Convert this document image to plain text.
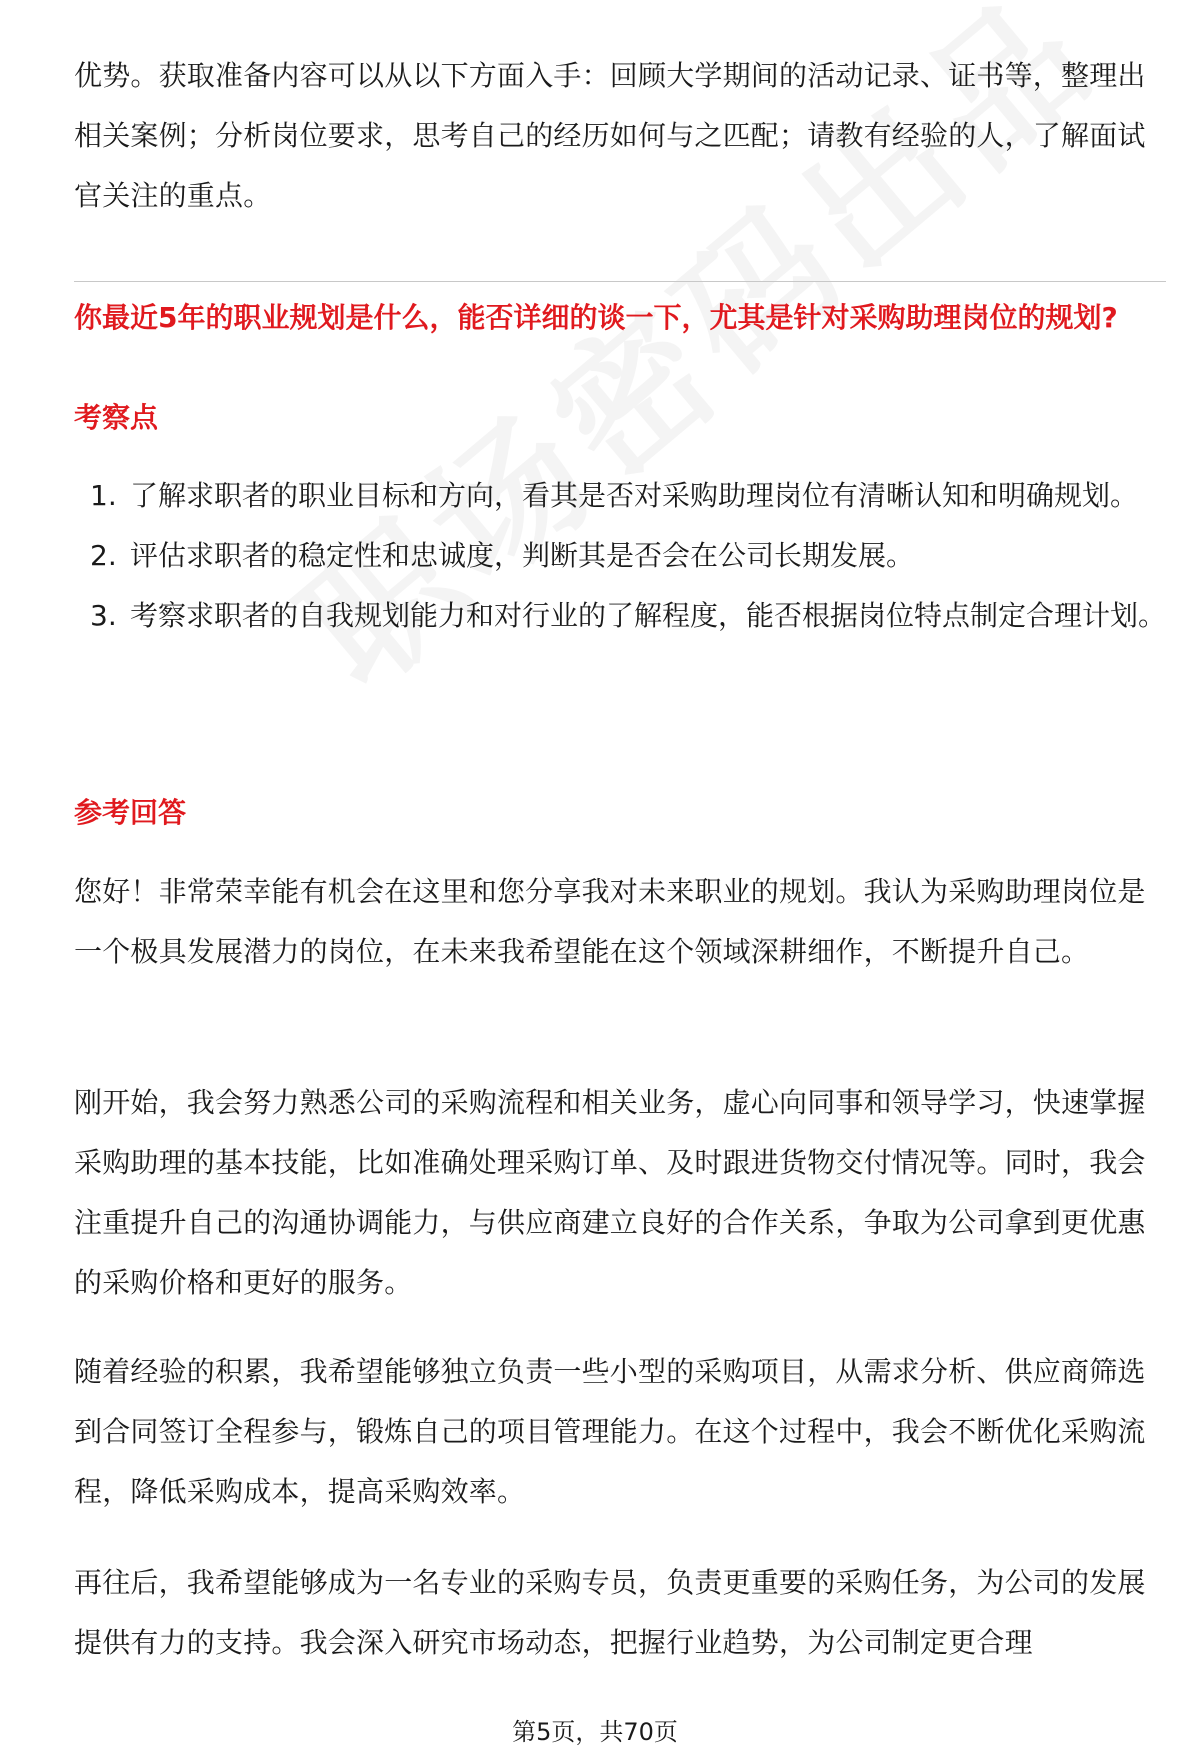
优势。获取准备内容可以从以下方面入手：回顾大学期间的活动记录、证书等，整理出相关案例；分析岗位要求，思考自己的经历如何与之匹配；请教有经验的人，了解面试官关注的重点。

你最近5年的职业规划是什么，能否详细的谈一下，尤其是针对采购助理岗位的规划?

考察点

1. 了解求职者的职业目标和方向，看其是否对采购助理岗位有清晰认知和明确规划。
2. 评估求职者的稳定性和忠诚度，判断其是否会在公司长期发展。
3. 考察求职者的自我规划能力和对行业的了解程度，能否根据岗位特点制定合理计划。

参考回答

您好！非常荣幸能有机会在这里和您分享我对未来职业的规划。我认为采购助理岗位是一个极具发展潜力的岗位，在未来我希望能在这个领域深耕细作，不断提升自己。

刚开始，我会努力熟悉公司的采购流程和相关业务，虚心向同事和领导学习，快速掌握采购助理的基本技能，比如准确处理采购订单、及时跟进货物交付情况等。同时，我会注重提升自己的沟通协调能力，与供应商建立良好的合作关系，争取为公司拿到更优惠的采购价格和更好的服务。

随着经验的积累，我希望能够独立负责一些小型的采购项目，从需求分析、供应商筛选到合同签订全程参与，锻炼自己的项目管理能力。在这个过程中，我会不断优化采购流程，降低采购成本，提高采购效率。

再往后，我希望能够成为一名专业的采购专员，负责更重要的采购任务，为公司的发展提供有力的支持。我会深入研究市场动态，把握行业趋势，为公司制定更合理

第5页，共70页
